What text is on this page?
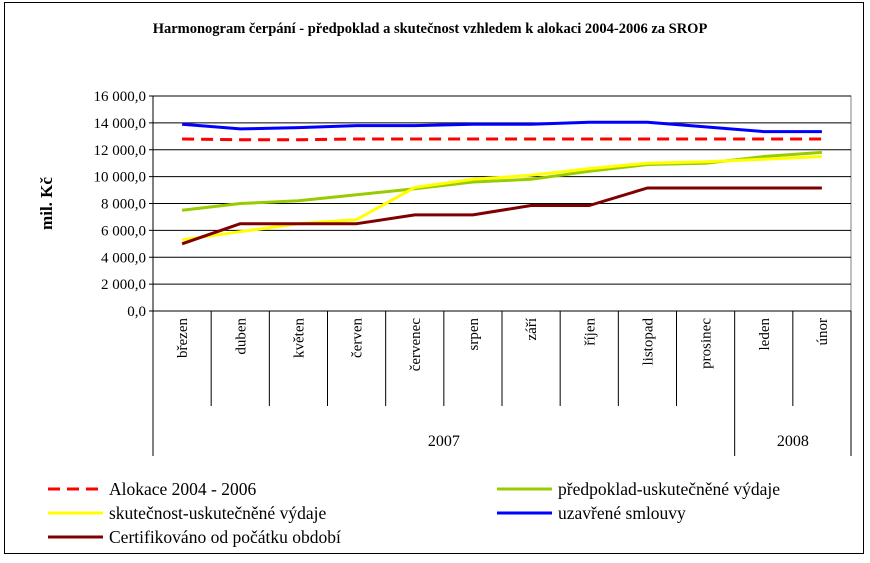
Harmonogram čerpání - předpoklad a skutečnost vzhledem k alokaci 2004-2006 za SROP
0,0
2 000,0
4 000,0
6 000,0
8 000,0
10 000,0
12 000,0
14 000,0
16 000,0
mil. Kč
březen	duben	květen	červen	červenec	srpen	září	říjen	listopad	prosinec	leden	únor
2007	2008
Alokace 2004 - 2006	předpoklad-uskutečněné výdaje
skutečnost-uskutečněné výdaje	uzavřené smlouvy
Certifikováno od počátku období
